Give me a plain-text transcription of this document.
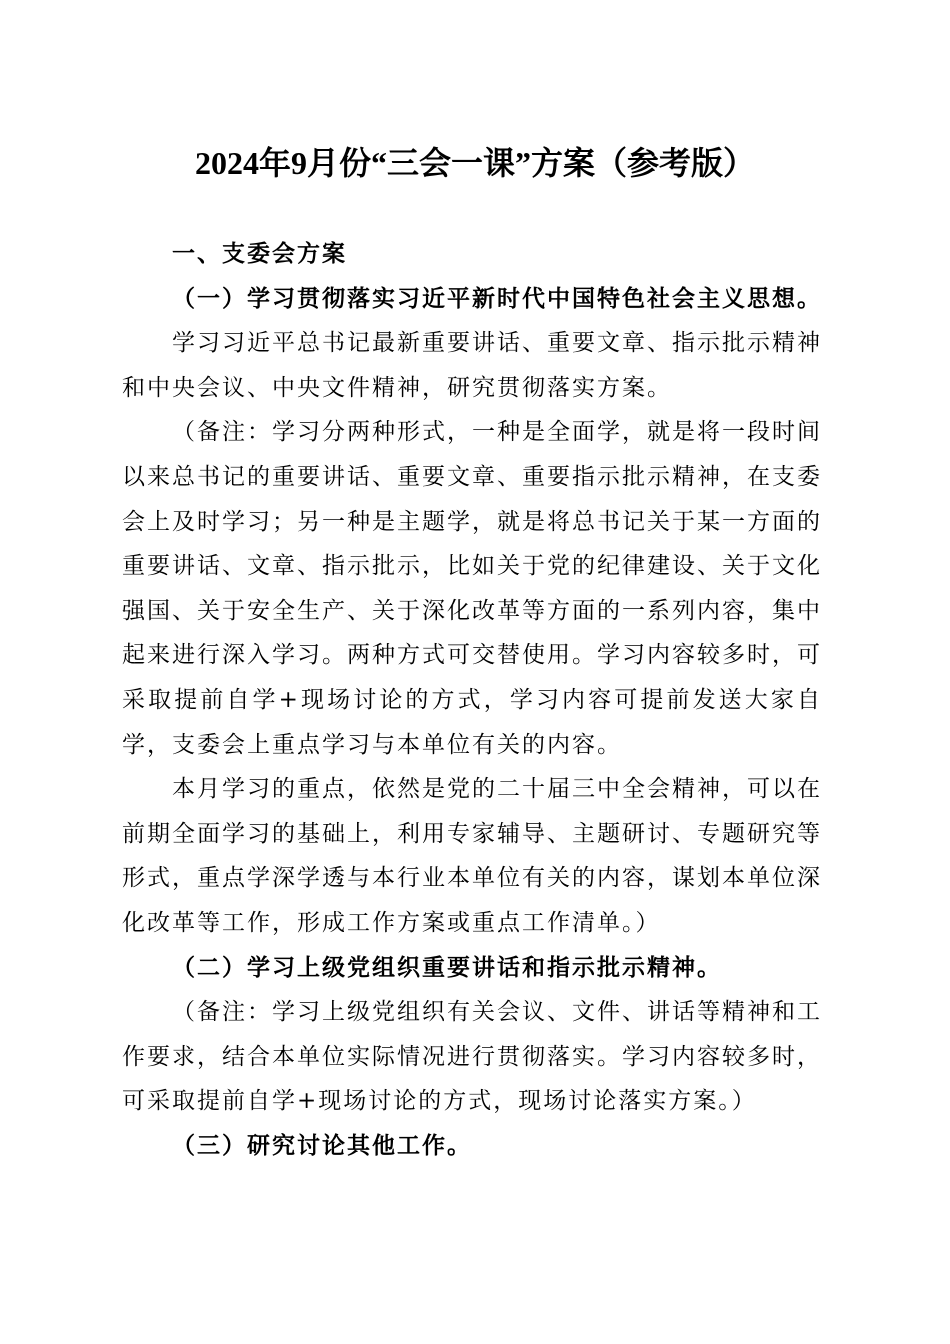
2024年9月份“三会一课”方案（参考版）

一、支委会方案

（一）学习贯彻落实习近平新时代中国特色社会主义思想。

学习习近平总书记最新重要讲话、重要文章、指示批示精神和中央会议、中央文件精神，研究贯彻落实方案。

（备注：学习分两种形式，一种是全面学，就是将一段时间以来总书记的重要讲话、重要文章、重要指示批示精神，在支委会上及时学习；另一种是主题学，就是将总书记关于某一方面的重要讲话、文章、指示批示，比如关于党的纪律建设、关于文化强国、关于安全生产、关于深化改革等方面的一系列内容，集中起来进行深入学习。两种方式可交替使用。学习内容较多时，可采取提前自学+现场讨论的方式，学习内容可提前发送大家自学，支委会上重点学习与本单位有关的内容。

本月学习的重点，依然是党的二十届三中全会精神，可以在前期全面学习的基础上，利用专家辅导、主题研讨、专题研究等形式，重点学深学透与本行业本单位有关的内容，谋划本单位深化改革等工作，形成工作方案或重点工作清单。）

（二）学习上级党组织重要讲话和指示批示精神。

（备注：学习上级党组织有关会议、文件、讲话等精神和工作要求，结合本单位实际情况进行贯彻落实。学习内容较多时，可采取提前自学+现场讨论的方式，现场讨论落实方案。）

（三）研究讨论其他工作。
